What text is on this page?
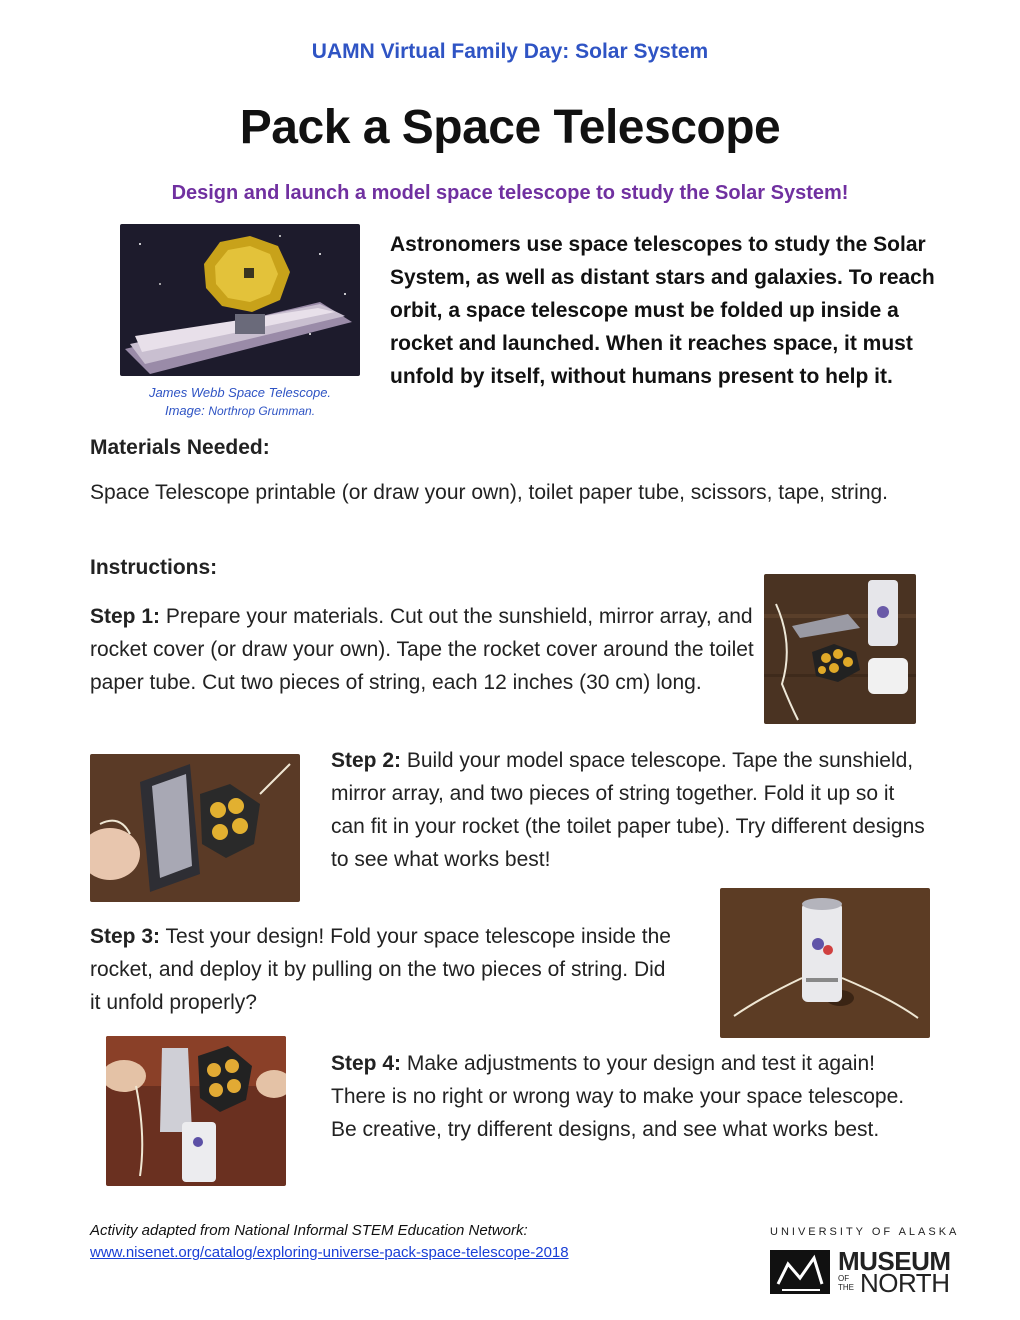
UAMN Virtual Family Day: Solar System
Pack a Space Telescope
Design and launch a model space telescope to study the Solar System!
James Webb Space Telescope.
Image: Northrop Grumman.
Astronomers use space telescopes to study the Solar System, as well as distant stars and galaxies. To reach orbit, a space telescope must be folded up inside a rocket and launched. When it reaches space, it must unfold by itself, without humans present to help it.
Materials Needed:
Space Telescope printable (or draw your own), toilet paper tube, scissors, tape, string.
Instructions:
Step 1: Prepare your materials. Cut out the sunshield, mirror array, and rocket cover (or draw your own). Tape the rocket cover around the toilet paper tube. Cut two pieces of string, each 12 inches (30 cm) long.
Step 2: Build your model space telescope. Tape the sunshield, mirror array, and two pieces of string together. Fold it up so it can fit in your rocket (the toilet paper tube). Try different designs to see what works best!
Step 3: Test your design! Fold your space telescope inside the rocket, and deploy it by pulling on the two pieces of string. Did it unfold properly?
Step 4: Make adjustments to your design and test it again! There is no right or wrong way to make your space telescope. Be creative, try different designs, and see what works best.
Activity adapted from National Informal STEM Education Network:
www.nisenet.org/catalog/exploring-universe-pack-space-telescope-2018
UNIVERSITY OF ALASKA
MUSEUM
OF
THE NORTH
